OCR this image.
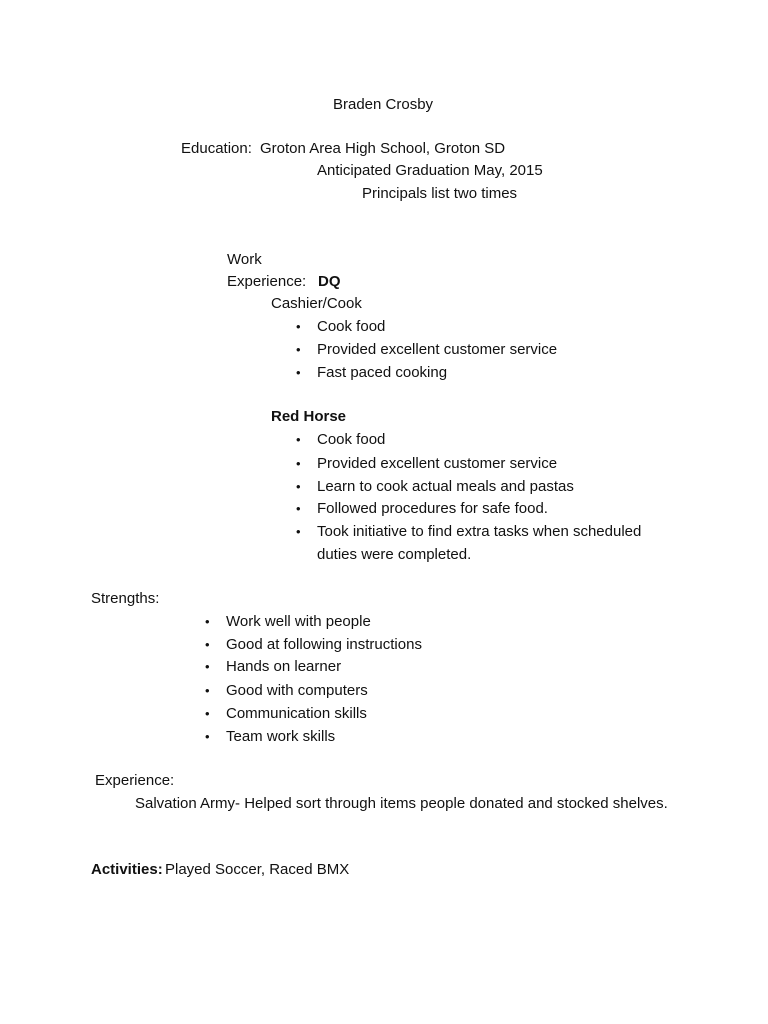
Braden Crosby
Education: Groton Area High School, Groton SD
Anticipated Graduation May, 2015
Principals list two times
Work
Experience: DQ
Cashier/Cook
• Cook food
• Provided excellent customer service
• Fast paced cooking
Red Horse
• Cook food
• Provided excellent customer service
• Learn to cook actual meals and pastas
• Followed procedures for safe food.
• Took initiative to find extra tasks when scheduled
duties were completed.
Strengths:
• Work well with people
• Good at following instructions
• Hands on learner
• Good with computers
• Communication skills
• Team work skills
Experience:
Salvation Army- Helped sort through items people donated and stocked shelves.
Activities: Played Soccer, Raced BMX
